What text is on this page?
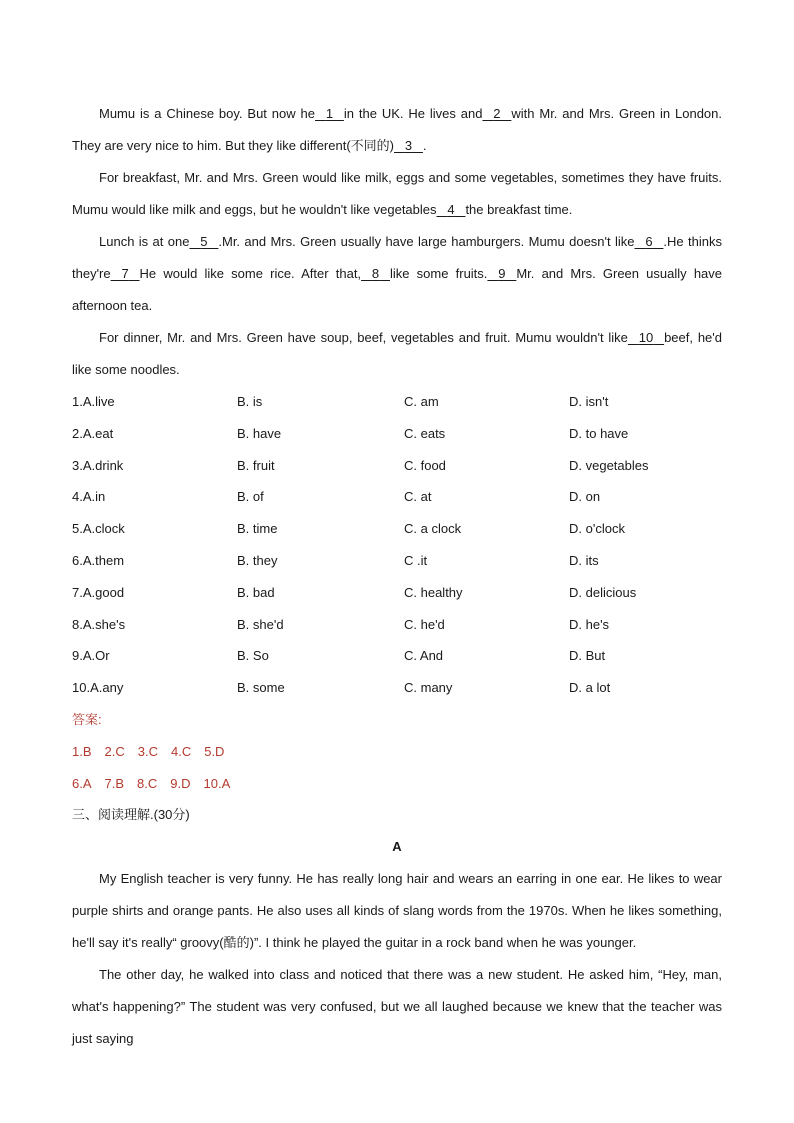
Mumu is a Chinese boy. But now he 1 in the UK. He lives and 2 with Mr. and Mrs. Green in London. They are very nice to him. But they like different(不同的) 3 .

For breakfast, Mr. and Mrs. Green would like milk, eggs and some vegetables, sometimes they have fruits. Mumu would like milk and eggs, but he wouldn't like vegetables 4 the breakfast time.

Lunch is at one 5 .Mr. and Mrs. Green usually have large hamburgers. Mumu doesn't like 6 .He thinks they're 7 He would like some rice. After that, 8 like some fruits. 9 Mr. and Mrs. Green usually have afternoon tea.

For dinner, Mr. and Mrs. Green have soup, beef, vegetables and fruit. Mumu wouldn't like 10 beef, he'd like some noodles.

1.A.live	B. is	C. am	D. isn't
2.A.eat	B. have	C. eats	D. to have
3.A.drink	B. fruit	C. food	D. vegetables
4.A.in	B. of	C. at	D. on
5.A.clock	B. time	C. a clock	D. o'clock
6.A.them	B. they	C .it	D. its
7.A.good	B. bad	C. healthy	D. delicious
8.A.she's	B. she'd	C. he'd	D. he's
9.A.Or	B. So	C. And	D. But
10.A.any	B. some	C. many	D. a lot
答案:
1.B 2.C 3.C 4.C 5.D
6.A 7.B 8.C 9.D 10.A
三、阅读理解.(30分)
A

My English teacher is very funny. He has really long hair and wears an earring in one ear. He likes to wear purple shirts and orange pants. He also uses all kinds of slang words from the 1970s. When he likes something, he'll say it's really“ groovy(酷的)”. I think he played the guitar in a rock band when he was younger.

The other day, he walked into class and noticed that there was a new student. He asked him, “Hey, man, what's happening?” The student was very confused, but we all laughed because we knew that the teacher was just saying
